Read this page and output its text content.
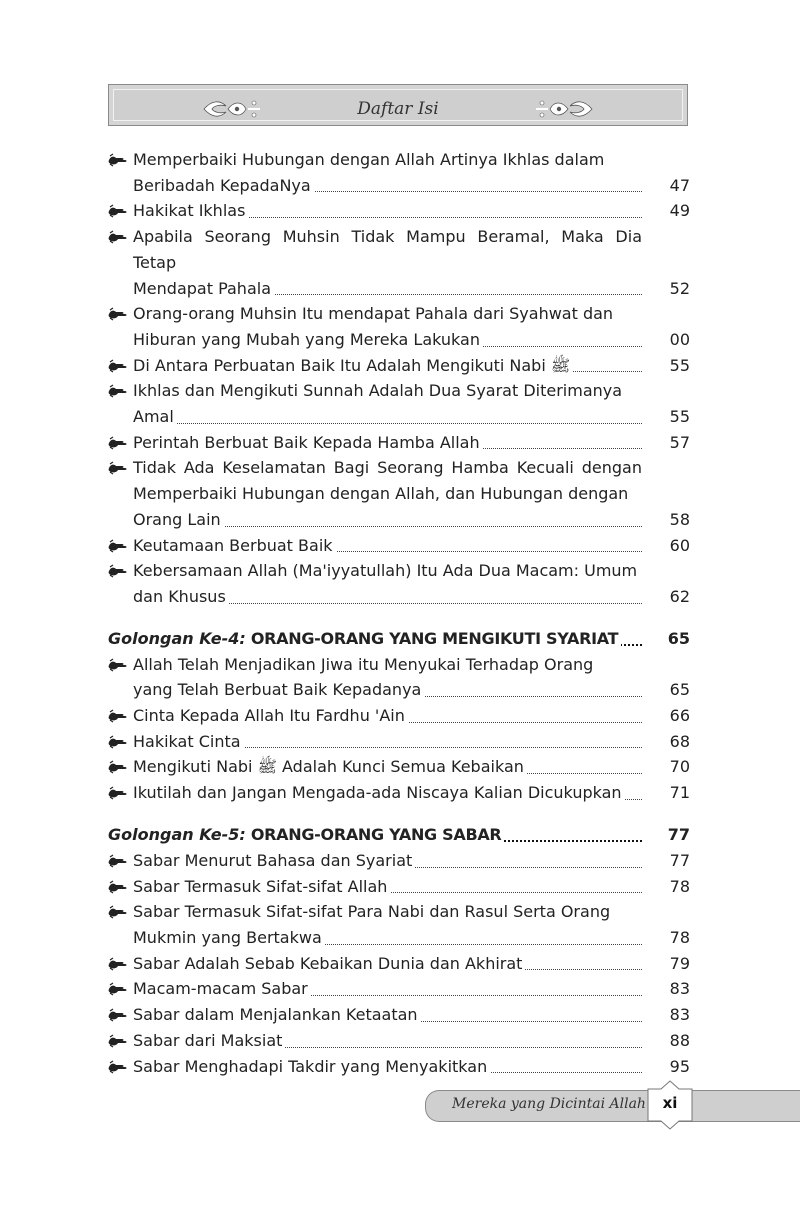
Daftar Isi
Memperbaiki Hubungan dengan Allah Artinya Ikhlas dalam
Beribadah KepadaNya	47
Hakikat Ikhlas	49
Apabila Seorang Muhsin Tidak Mampu Beramal, Maka Dia Tetap
Mendapat Pahala	52
Orang-orang Muhsin Itu mendapat Pahala dari Syahwat dan
Hiburan yang Mubah yang Mereka Lakukan	00
Di Antara Perbuatan Baik Itu Adalah Mengikuti Nabi ﷺ	55
Ikhlas dan Mengikuti Sunnah Adalah Dua Syarat Diterimanya
Amal	55
Perintah Berbuat Baik Kepada Hamba Allah	57
Tidak Ada Keselamatan Bagi Seorang Hamba Kecuali dengan Memperbaiki Hubungan dengan Allah, dan Hubungan dengan
Orang Lain	58
Keutamaan Berbuat Baik	60
Kebersamaan Allah (Ma'iyyatullah) Itu Ada Dua Macam: Umum
dan Khusus	62
Golongan Ke-4: ORANG-ORANG YANG MENGIKUTI SYARIAT	65
Allah Telah Menjadikan Jiwa itu Menyukai Terhadap Orang
yang Telah Berbuat Baik Kepadanya	65
Cinta Kepada Allah Itu Fardhu 'Ain	66
Hakikat Cinta	68
Mengikuti Nabi ﷺ Adalah Kunci Semua Kebaikan	70
Ikutilah dan Jangan Mengada-ada Niscaya Kalian Dicukupkan	71
Golongan Ke-5: ORANG-ORANG YANG SABAR	77
Sabar Menurut Bahasa dan Syariat	77
Sabar Termasuk Sifat-sifat Allah	78
Sabar Termasuk Sifat-sifat Para Nabi dan Rasul Serta Orang
Mukmin yang Bertakwa	78
Sabar Adalah Sebab Kebaikan Dunia dan Akhirat	79
Macam-macam Sabar	83
Sabar dalam Menjalankan Ketaatan	83
Sabar dari Maksiat	88
Sabar Menghadapi Takdir yang Menyakitkan	95
Mereka yang Dicintai Allah	xi
